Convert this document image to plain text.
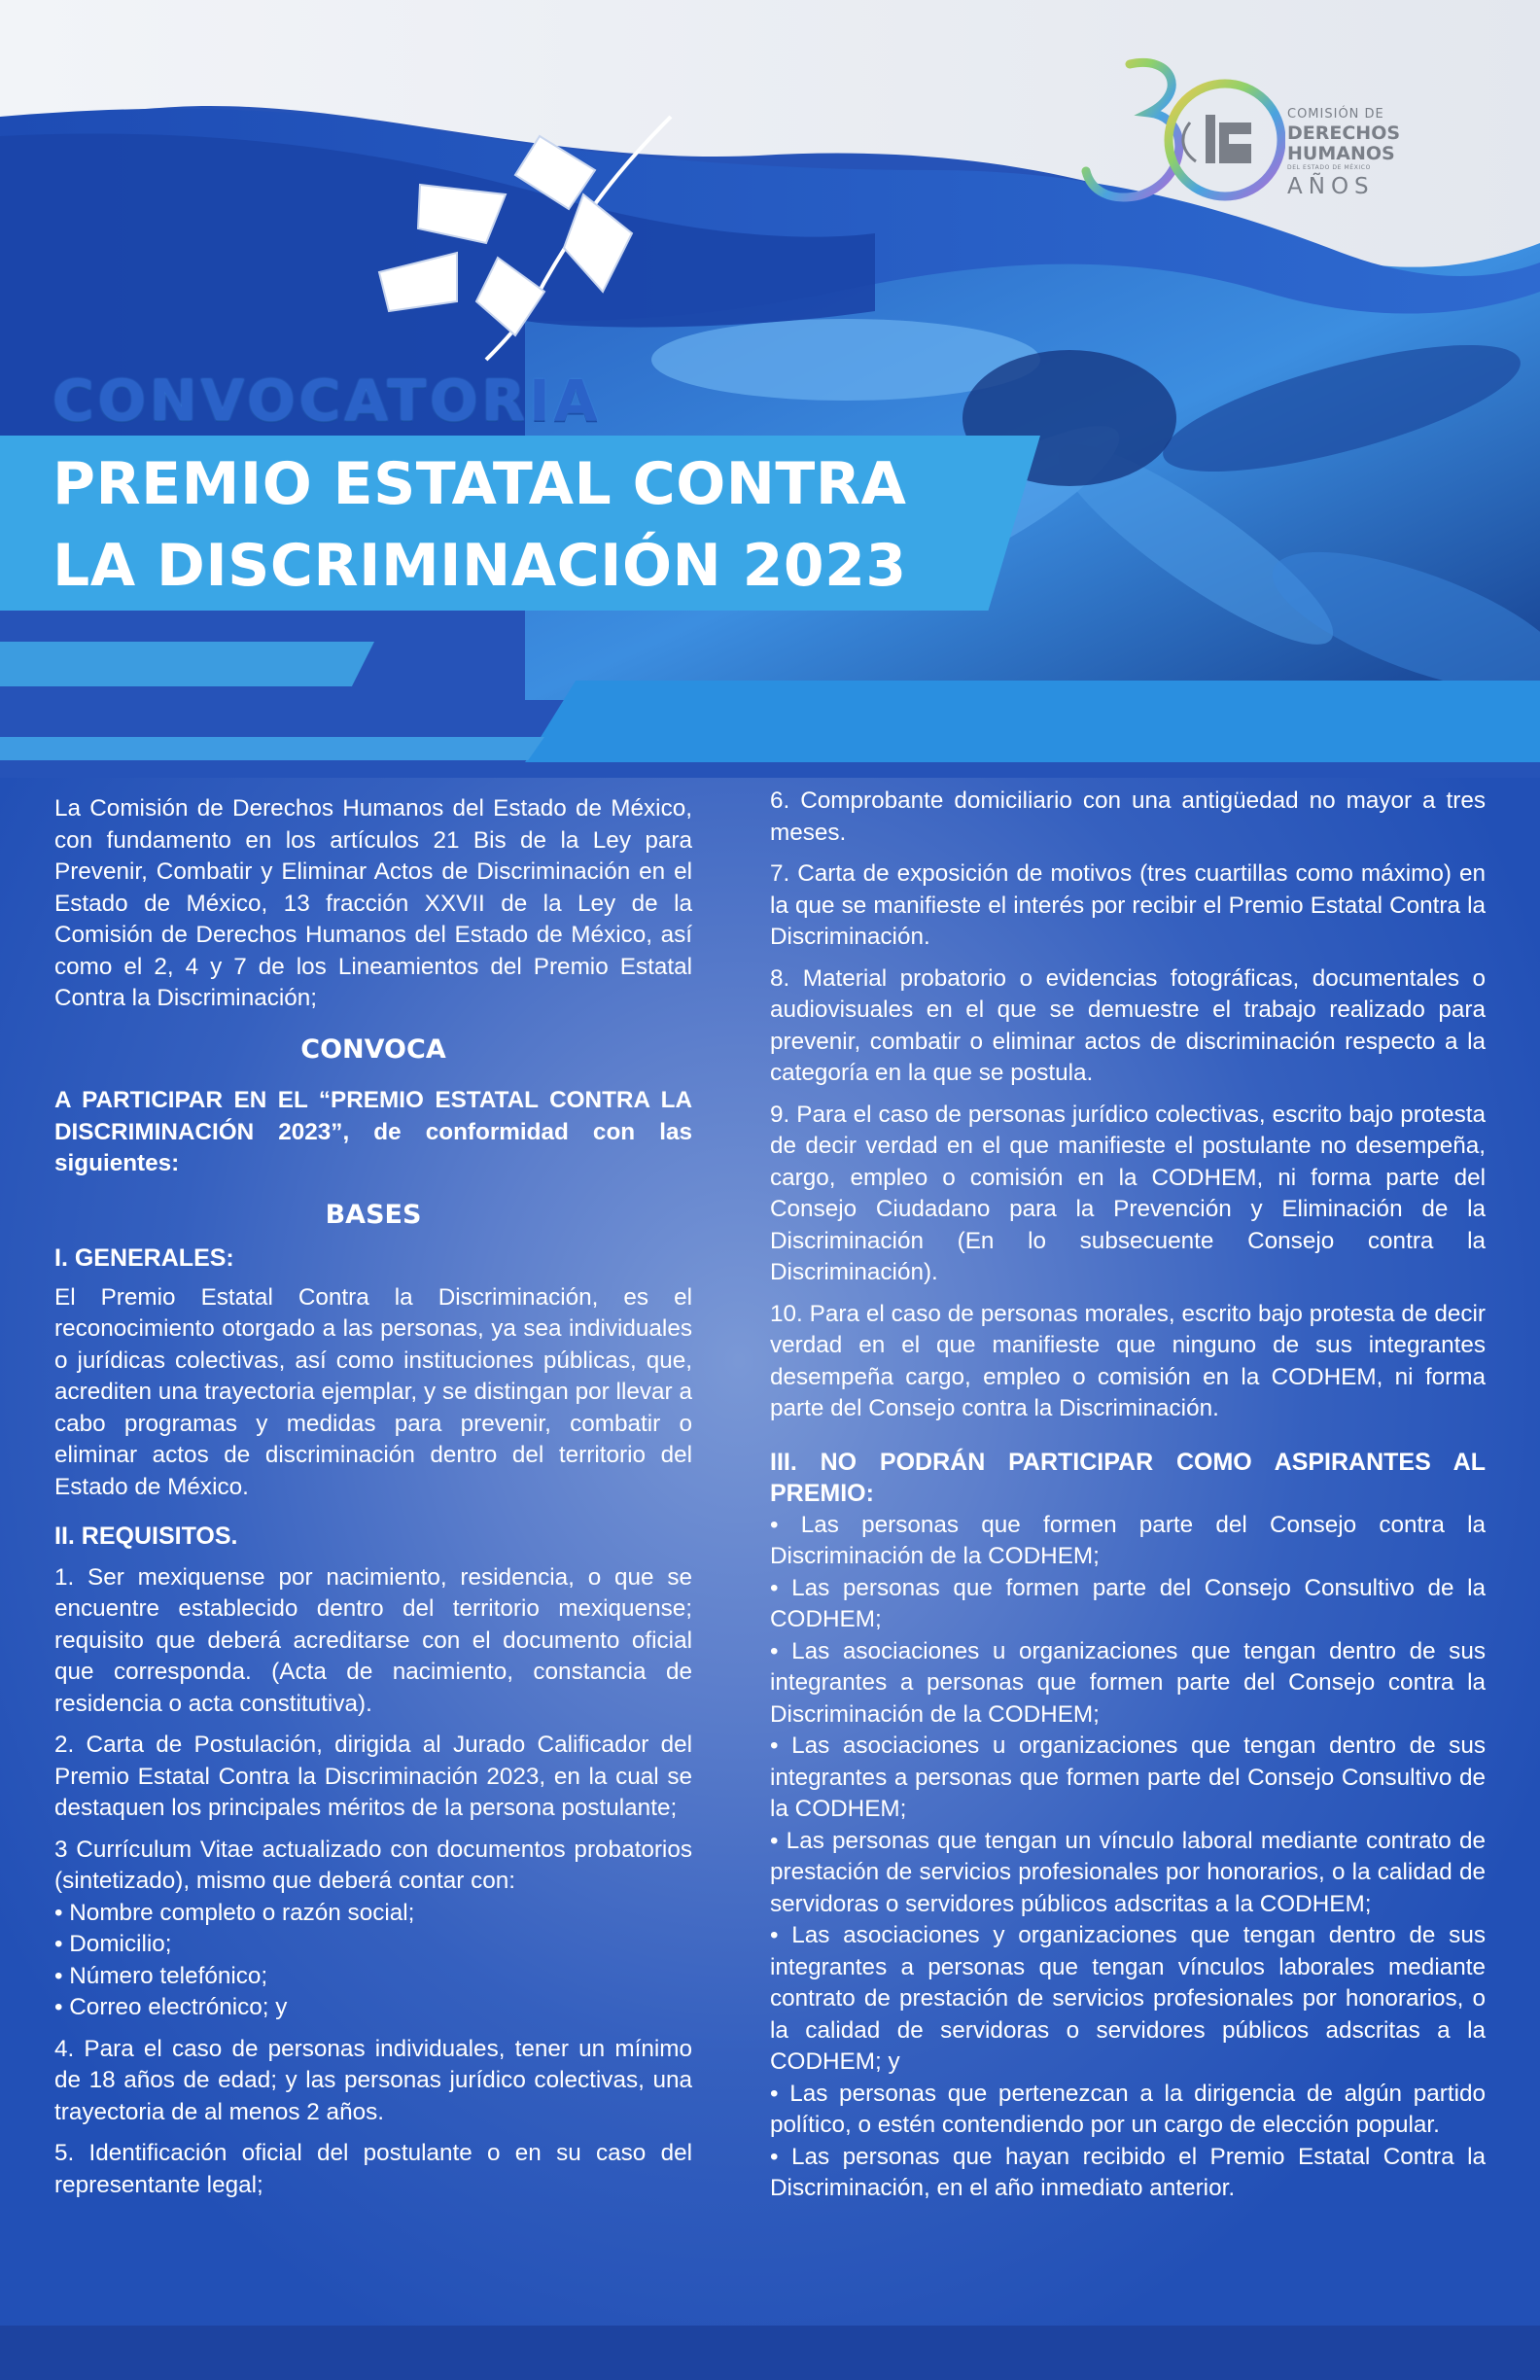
COMISIÓN DE
DERECHOS
HUMANOS
DEL ESTADO DE MÉXICO
AÑOS
CONVOCATORIA
PREMIO ESTATAL CONTRA
LA DISCRIMINACIÓN 2023

La Comisión de Derechos Humanos del Estado de México, con fundamento en los artículos 21 Bis de la Ley para Prevenir, Combatir y Eliminar Actos de Discriminación en el Estado de México, 13 fracción XXVII de la Ley de la Comisión de Derechos Humanos del Estado de México, así como el 2, 4 y 7 de los Lineamientos del Premio Estatal Contra la Discriminación;

CONVOCA

A PARTICIPAR EN EL “PREMIO ESTATAL CONTRA LA DISCRIMINACIÓN 2023”, de conformidad con las siguientes:

BASES

I. GENERALES:

El Premio Estatal Contra la Discriminación, es el reconocimiento otorgado a las personas, ya sea individuales o jurídicas colectivas, así como instituciones públicas, que, acrediten una trayectoria ejemplar, y se distingan por llevar a cabo programas y medidas para prevenir, combatir o eliminar actos de discriminación dentro del territorio del Estado de México.

II. REQUISITOS.

1. Ser mexiquense por nacimiento, residencia, o que se encuentre establecido dentro del territorio mexiquense; requisito que deberá acreditarse con el documento oficial que corresponda. (Acta de nacimiento, constancia de residencia o acta constitutiva).

2. Carta de Postulación, dirigida al Jurado Calificador del Premio Estatal Contra la Discriminación 2023, en la cual se destaquen los principales méritos de la persona postulante;

3 Currículum Vitae actualizado con documentos probatorios (sintetizado), mismo que deberá contar con:

• Nombre completo o razón social;

• Domicilio;

• Número telefónico;

• Correo electrónico; y

4. Para el caso de personas individuales, tener un mínimo de 18 años de edad; y las personas jurídico colectivas, una trayectoria de al menos 2 años.

5. Identificación oficial del postulante o en su caso del representante legal;

6. Comprobante domiciliario con una antigüedad no mayor a tres meses.

7. Carta de exposición de motivos (tres cuartillas como máximo) en la que se manifieste el interés por recibir el Premio Estatal Contra la Discriminación.

8. Material probatorio o evidencias fotográficas, documentales o audiovisuales en el que se demuestre el trabajo realizado para prevenir, combatir o eliminar actos de discriminación respecto a la categoría en la que se postula.

9. Para el caso de personas jurídico colectivas, escrito bajo protesta de decir verdad en el que manifieste el postulante no desempeña, cargo, empleo o comisión en la CODHEM, ni forma parte del Consejo Ciudadano para la Prevención y Eliminación de la Discriminación (En lo subsecuente Consejo contra la Discriminación).

10. Para el caso de personas morales, escrito bajo protesta de decir verdad en el que manifieste que ninguno de sus integrantes desempeña cargo, empleo o comisión en la CODHEM, ni forma parte del Consejo contra la Discriminación.

III. NO PODRÁN PARTICIPAR COMO ASPIRANTES AL PREMIO:

• Las personas que formen parte del Consejo contra la Discriminación de la CODHEM;

• Las personas que formen parte del Consejo Consultivo de la CODHEM;

• Las asociaciones u organizaciones que tengan dentro de sus integrantes a personas que formen parte del Consejo contra la Discriminación de la CODHEM;

• Las asociaciones u organizaciones que tengan dentro de sus integrantes a personas que formen parte del Consejo Consultivo de la CODHEM;

• Las personas que tengan un vínculo laboral mediante contrato de prestación de servicios profesionales por honorarios, o la calidad de servidoras o servidores públicos adscritas a la CODHEM;

• Las asociaciones y organizaciones que tengan dentro de sus integrantes a personas que tengan vínculos laborales mediante contrato de prestación de servicios profesionales por honorarios, o la calidad de servidoras o servidores públicos adscritas a la CODHEM; y

• Las personas que pertenezcan a la dirigencia de algún partido político, o estén contendiendo por un cargo de elección popular.

• Las personas que hayan recibido el Premio Estatal Contra la Discriminación, en el año inmediato anterior.
